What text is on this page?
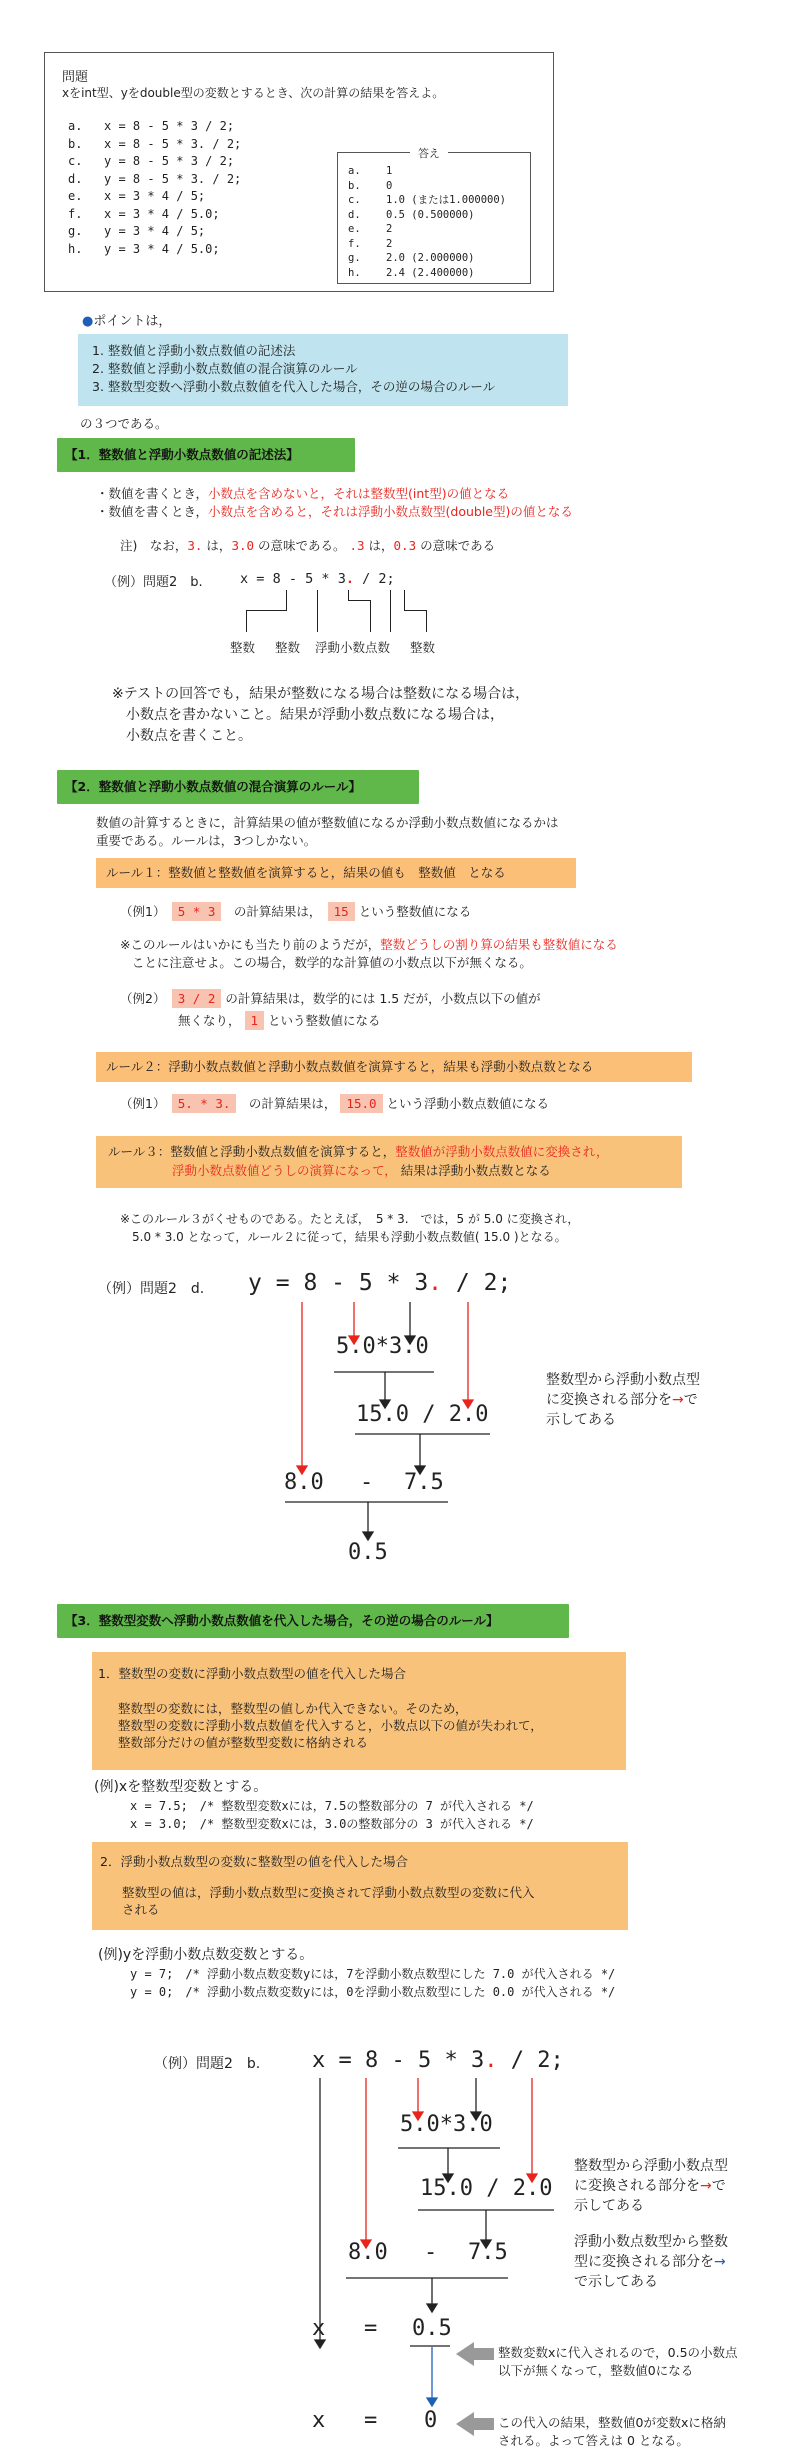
問題
xをint型、yをdouble型の変数とするとき、次の計算の結果を答えよ。
a. x = 8 - 5 * 3 / 2;
b. x = 8 - 5 * 3. / 2;
c. y = 8 - 5 * 3 / 2;
d. y = 8 - 5 * 3. / 2;
e. x = 3 * 4 / 5;
f. x = 3 * 4 / 5.0;
g. y = 3 * 4 / 5;
h. y = 3 * 4 / 5.0;
答え
a. 1
b. 0
c. 1.0 (または1.000000)
d. 0.5 (0.500000)
e. 2
f. 2
g. 2.0 (2.000000)
h. 2.4 (2.400000)
●ポイントは，
1. 整数値と浮動小数点数値の記述法
2. 整数値と浮動小数点数値の混合演算のルール
3. 整数型変数へ浮動小数点数値を代入した場合，その逆の場合のルール
の３つである。
【1．整数値と浮動小数点数値の記述法】
・数値を書くとき，小数点を含めないと，それは整数型(int型)の値となる
・数値を書くとき，小数点を含めると，それは浮動小数点数型(double型)の値となる
注)　なお，3. は，3.0 の意味である。 .3 は，0.3 の意味である
（例）問題2　b.	x = 8 - 5 * 3. / 2;
整数 整数 浮動小数点数 整数
※テストの回答でも，結果が整数になる場合は整数になる場合は，
　小数点を書かないこと。結果が浮動小数点数になる場合は，
　小数点を書くこと。
【2．整数値と浮動小数点数値の混合演算のルール】
数値の計算するときに，計算結果の値が整数値になるか浮動小数点数値になるかは
重要である。ルールは，3つしかない。
ルール１：整数値と整数値を演算すると，結果の値も　整数値　となる
（例1）　 5 * 3　 の計算結果は，　 15 という整数値になる
※このルールはいかにも当たり前のようだが，整数どうしの割り算の結果も整数値になる
ことに注意せよ。この場合，数学的な計算値の小数点以下が無くなる。
（例2）　 3 / 2 の計算結果は，数学的には 1.5 だが，小数点以下の値が
無くなり， 1 という整数値になる
ルール２：浮動小数点数値と浮動小数点数値を演算すると，結果も浮動小数点数となる
（例1）　 5. * 3.　 の計算結果は， 15.0 という浮動小数点数値になる
ルール３：整数値と浮動小数点数値を演算すると，整数値が浮動小数点数値に変換され，
浮動小数点数値どうしの演算になって， 結果は浮動小数点数となる
※このルール３がくせものである。たとえば，　5 * 3.　では，5 が 5.0 に変換され，
　5.0 * 3.0 となって，ルール２に従って，結果も浮動小数点数値( 15.0 )となる。
（例）問題2　d. y = 8 - 5 * 3. / 2;
5.0*3.0
15.0 / 2.0
8.0 - 7.5
0.5
整数型から浮動小数点型
に変換される部分を→で
示してある
【3．整数型変数へ浮動小数点数値を代入した場合，その逆の場合のルール】
1．整数型の変数に浮動小数点数型の値を代入した場合
整数型の変数には，整数型の値しか代入できない。そのため，
整数型の変数に浮動小数点数値を代入すると，小数点以下の値が失われて，
整数部分だけの値が整数型変数に格納される
(例)xを整数型変数とする。
x = 7.5;　/* 整数型変数xには，7.5の整数部分の 7 が代入される */
x = 3.0;　/* 整数型変数xには，3.0の整数部分の 3 が代入される */
2．浮動小数点数型の変数に整数型の値を代入した場合
整数型の値は，浮動小数点数型に変換されて浮動小数点数型の変数に代入
される
(例)yを浮動小数点数変数とする。
y = 7;　/* 浮動小数点数変数yには，7を浮動小数点数型にした 7.0 が代入される */
y = 0;　/* 浮動小数点数変数yには，0を浮動小数点数型にした 0.0 が代入される */
（例）問題2　b. x = 8 - 5 * 3. / 2;
5.0*3.0
15.0 / 2.0
8.0 - 7.5
x = 0.5
x = 0
整数型から浮動小数点型
に変換される部分を→で
示してある
浮動小数点数型から整数
型に変換される部分を→
で示してある
整数変数xに代入されるので，0.5の小数点
以下が無くなって，整数値0になる
この代入の結果，整数値0が変数xに格納
される。よって答えは 0 となる。
